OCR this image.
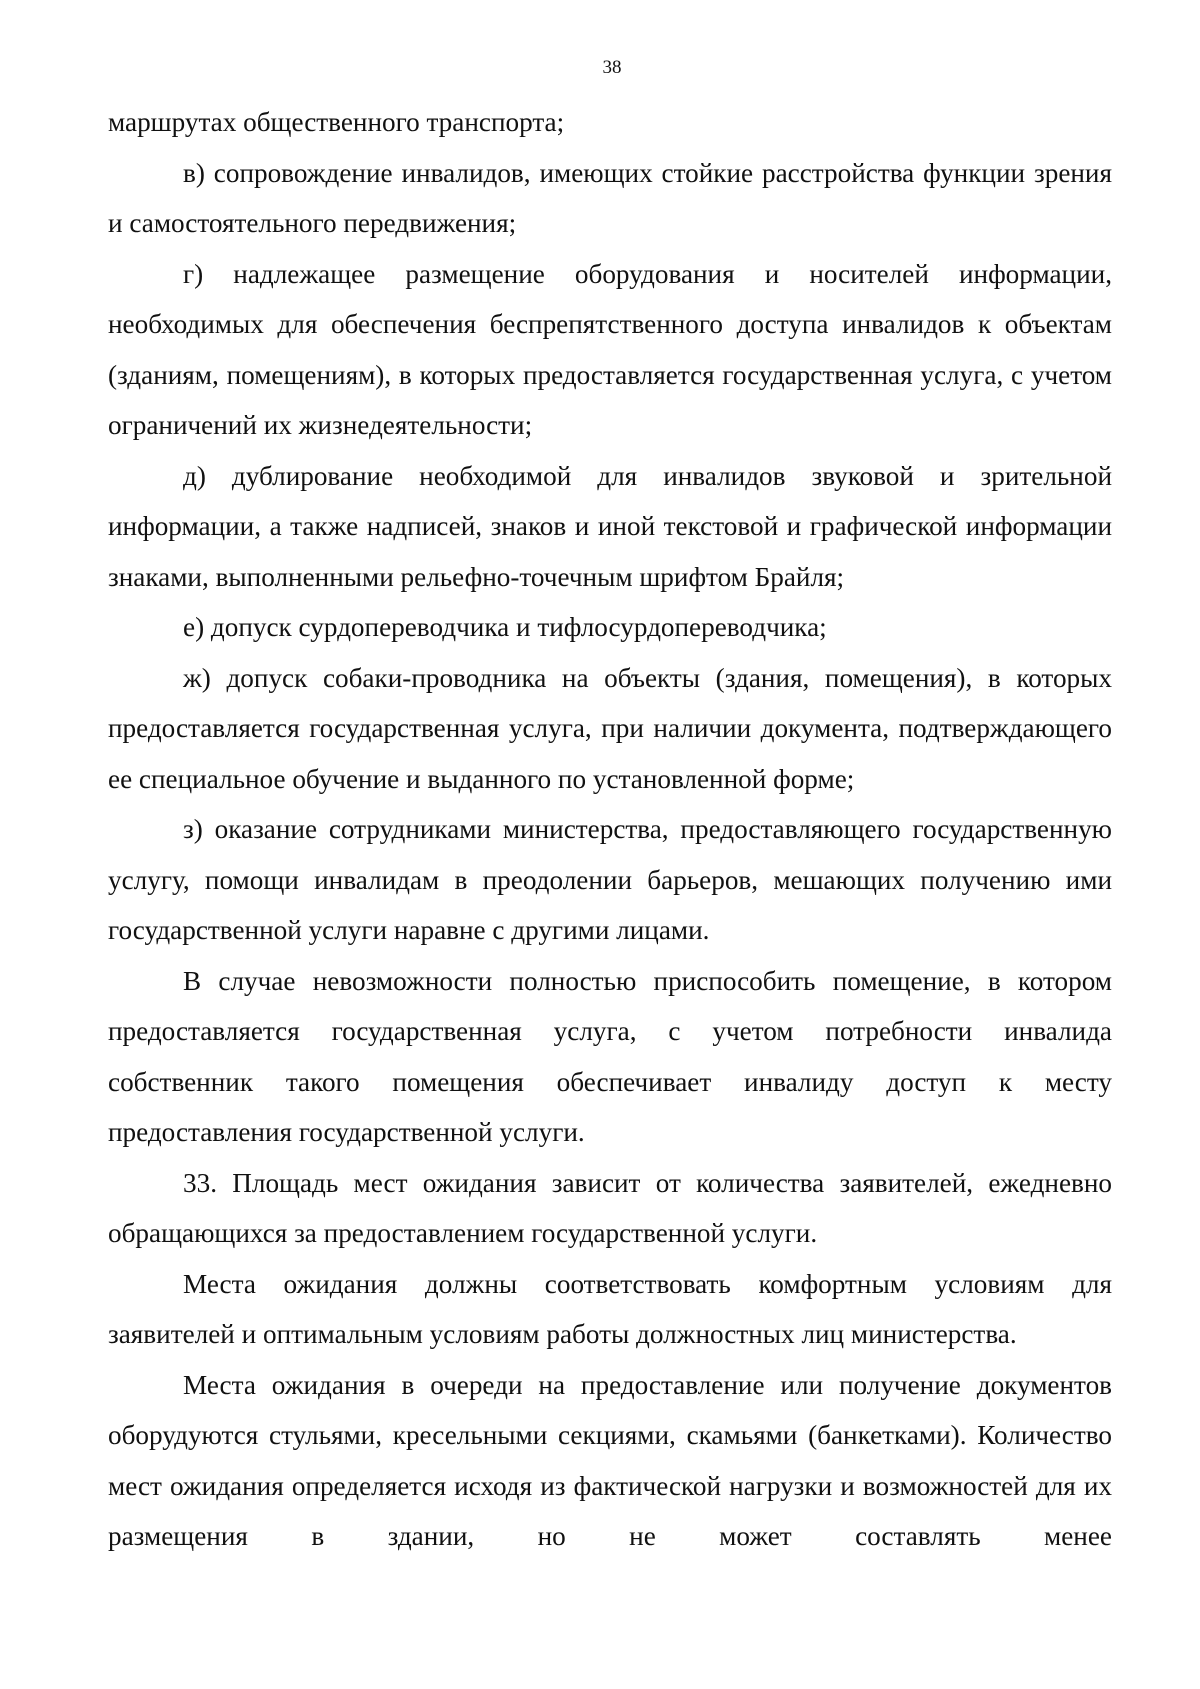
38

маршрутах общественного транспорта;

в) сопровождение инвалидов, имеющих стойкие расстройства функции зрения и самостоятельного передвижения;

г) надлежащее размещение оборудования и носителей информации, необходимых для обеспечения беспрепятственного доступа инвалидов к объектам (зданиям, помещениям), в которых предоставляется государственная услуга, с учетом ограничений их жизнедеятельности;

д) дублирование необходимой для инвалидов звуковой и зрительной информации, а также надписей, знаков и иной текстовой и графической информации знаками, выполненными рельефно-точечным шрифтом Брайля;

е) допуск сурдопереводчика и тифлосурдопереводчика;

ж) допуск собаки-проводника на объекты (здания, помещения), в которых предоставляется государственная услуга, при наличии документа, подтверждающего ее специальное обучение и выданного по установленной форме;

з) оказание сотрудниками министерства, предоставляющего государственную услугу, помощи инвалидам в преодолении барьеров, мешающих получению ими государственной услуги наравне с другими лицами.

В случае невозможности полностью приспособить помещение, в котором предоставляется государственная услуга, с учетом потребности инвалида собственник такого помещения обеспечивает инвалиду доступ к месту предоставления государственной услуги.

33. Площадь мест ожидания зависит от количества заявителей, ежедневно обращающихся за предоставлением государственной услуги.

Места ожидания должны соответствовать комфортным условиям для заявителей и оптимальным условиям работы должностных лиц министерства.

Места ожидания в очереди на предоставление или получение документов оборудуются стульями, кресельными секциями, скамьями (банкетками). Количество мест ожидания определяется исходя из фактической нагрузки и возможностей для их размещения в здании, но не может составлять менее
